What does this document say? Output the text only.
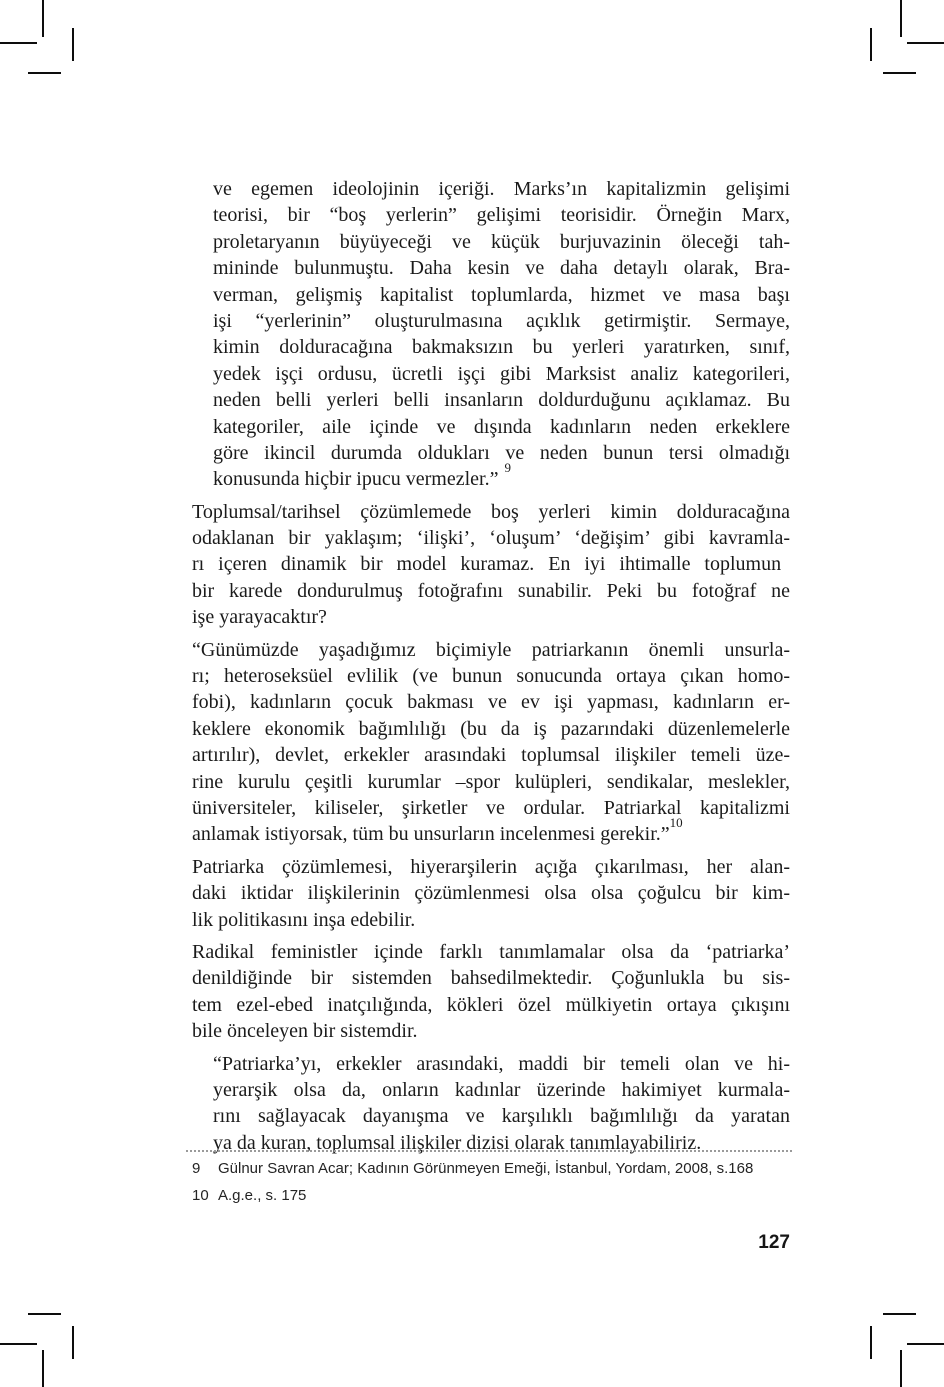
ve egemen ideolojinin içeriği. Marks’ın kapitalizmin gelişimi
teorisi, bir “boş yerlerin” gelişimi teorisidir. Örneğin Marx,
proletaryanın büyüyeceği ve küçük burjuvazinin öleceği tah-
mininde bulunmuştu. Daha kesin ve daha detaylı olarak, Bra-
verman, gelişmiş kapitalist toplumlarda, hizmet ve masa başı
işi “yerlerinin” oluşturulmasına açıklık getirmiştir. Sermaye,
kimin dolduracağına bakmaksızın bu yerleri yaratırken, sınıf,
yedek işçi ordusu, ücretli işçi gibi Marksist analiz kategorileri,
neden belli yerleri belli insanların doldurduğunu açıklamaz. Bu
kategoriler, aile içinde ve dışında kadınların neden erkeklere
göre ikincil durumda oldukları ve neden bunun tersi olmadığı
konusunda hiçbir ipucu vermezler.”$^9$
Toplumsal/tarihsel çözümlemede boş yerleri kimin dolduracağına
odaklanan bir yaklaşım; ‘ilişki’, ‘oluşum’ ‘değişim’ gibi kavramla-
rı içeren dinamik bir model kuramaz. En iyi ihtimalle toplumun
bir karede dondurulmuş fotoğrafını sunabilir. Peki bu fotoğraf ne
işe yarayacaktır?
“Günümüzde yaşadığımız biçimiyle patriarkanın önemli unsurla-
rı; heteroseksüel evlilik (ve bunun sonucunda ortaya çıkan homo-
fobi), kadınların çocuk bakması ve ev işi yapması, kadınların er-
keklere ekonomik bağımlılığı (bu da iş pazarındaki düzenlemelerle
artırılır), devlet, erkekler arasındaki toplumsal ilişkiler temeli üze-
rine kurulu çeşitli kurumlar –spor kulüpleri, sendikalar, meslekler,
üniversiteler, kiliseler, şirketler ve ordular. Patriarkal kapitalizmi
anlamak istiyorsak, tüm bu unsurların incelenmesi gerekir.”$^{10}$
Patriarka çözümlemesi, hiyerarşilerin açığa çıkarılması, her alan-
daki iktidar ilişkilerinin çözümlenmesi olsa olsa çoğulcu bir kim-
lik politikasını inşa edebilir.
Radikal feministler içinde farklı tanımlamalar olsa da ‘patriarka’
denildiğinde bir sistemden bahsedilmektedir. Çoğunlukla bu sis-
tem ezel-ebed inatçılığında, kökleri özel mülkiyetin ortaya çıkışını
bile önceleyen bir sistemdir.
“Patriarka’yı, erkekler arasındaki, maddi bir temeli olan ve hi-
yerarşik olsa da, onların kadınlar üzerinde hakimiyet kurmala-
rını sağlayacak dayanışma ve karşılıklı bağımlılığı da yaratan
ya da kuran, toplumsal ilişkiler dizisi olarak tanımlayabiliriz.
9	Gülnur Savran Acar; Kadının Görünmeyen Emeği, İstanbul, Yordam, 2008, s.168
10 A.g.e., s. 175
127
